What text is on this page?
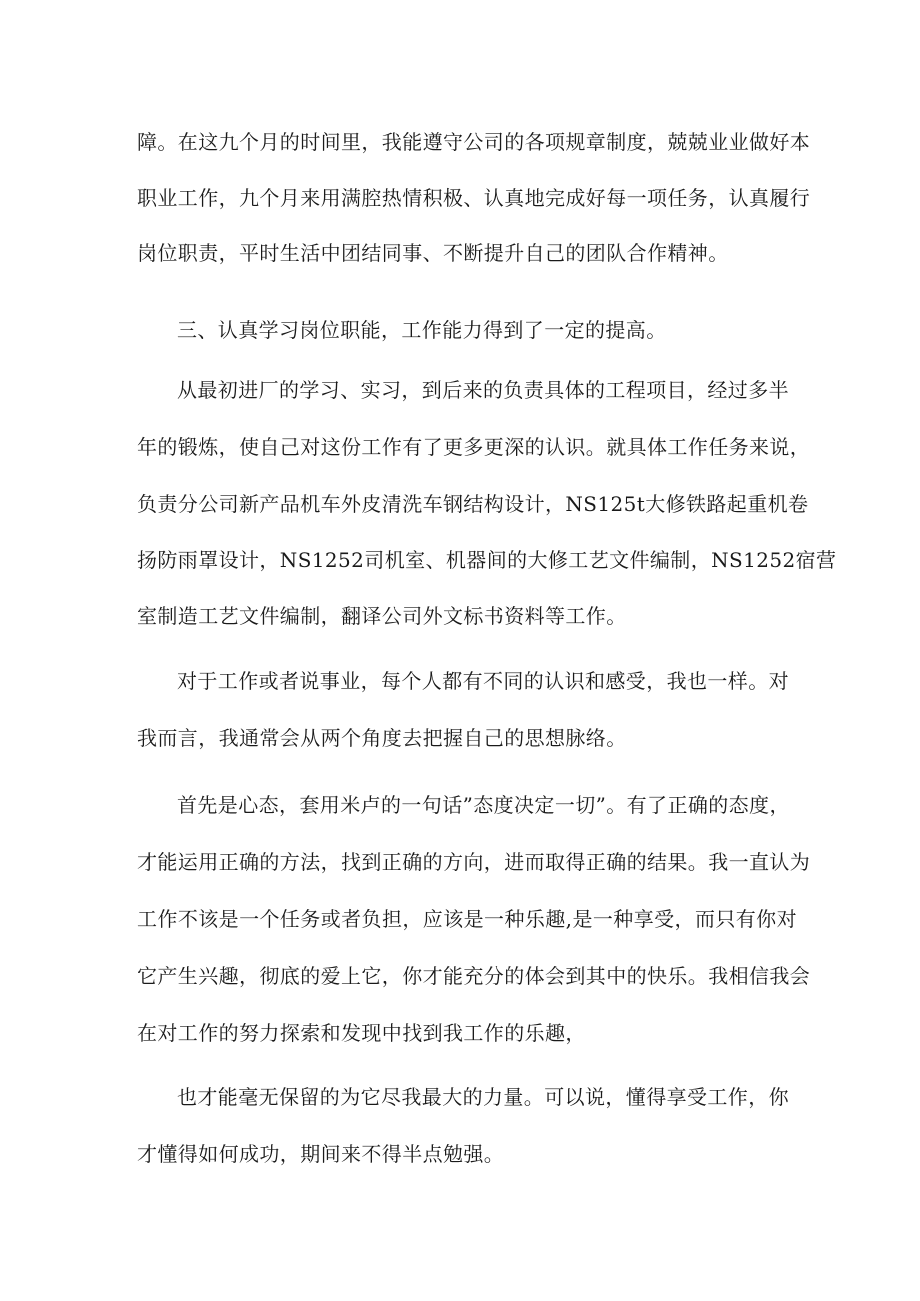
障。在这九个月的时间里，我能遵守公司的各项规章制度，兢兢业业做好本

职业工作，九个月来用满腔热情积极、认真地完成好每一项任务，认真履行

岗位职责，平时生活中团结同事、不断提升自己的团队合作精神。

三、认真学习岗位职能，工作能力得到了一定的提高。

从最初进厂的学习、实习，到后来的负责具体的工程项目，经过多半

年的锻炼，使自己对这份工作有了更多更深的认识。就具体工作任务来说，

负责分公司新产品机车外皮清洗车钢结构设计，NS125t大修铁路起重机卷

扬防雨罩设计，NS1252司机室、机器间的大修工艺文件编制，NS1252宿营

室制造工艺文件编制，翻译公司外文标书资料等工作。

对于工作或者说事业，每个人都有不同的认识和感受，我也一样。对

我而言，我通常会从两个角度去把握自己的思想脉络。

首先是心态，套用米卢的一句话”态度决定一切”。有了正确的态度，

才能运用正确的方法，找到正确的方向，进而取得正确的结果。我一直认为

工作不该是一个任务或者负担，应该是一种乐趣,是一种享受，而只有你对

它产生兴趣，彻底的爱上它，你才能充分的体会到其中的快乐。我相信我会

在对工作的努力探索和发现中找到我工作的乐趣，

也才能毫无保留的为它尽我最大的力量。可以说，懂得享受工作，你

才懂得如何成功，期间来不得半点勉强。
